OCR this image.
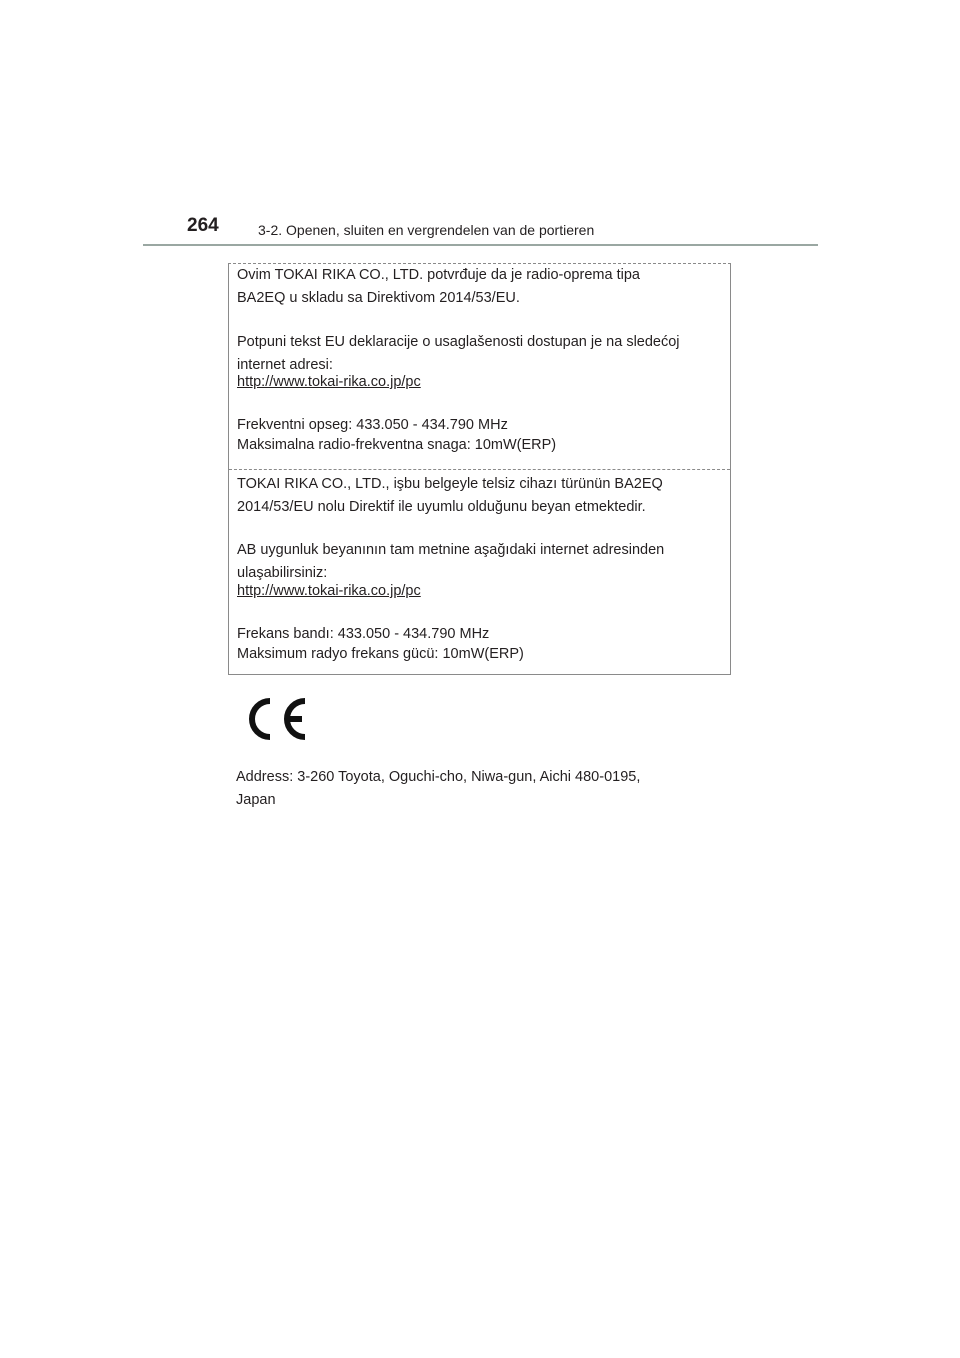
264	3-2. Openen, sluiten en vergrendelen van de portieren
Ovim TOKAI RIKA CO., LTD. potvrđuje da je radio-oprema tipa
BA2EQ u skladu sa Direktivom 2014/53/EU.
Potpuni tekst EU deklaracije o usaglašenosti dostupan je na sledećoj
internet adresi:
http://www.tokai-rika.co.jp/pc
Frekventni opseg: 433.050 - 434.790 MHz
Maksimalna radio-frekventna snaga: 10mW(ERP)
TOKAI RIKA CO., LTD., işbu belgeyle telsiz cihazı türünün BA2EQ
2014/53/EU nolu Direktif ile uyumlu olduğunu beyan etmektedir.
AB uygunluk beyanının tam metnine aşağıdaki internet adresinden
ulaşabilirsiniz:
http://www.tokai-rika.co.jp/pc
Frekans bandı: 433.050 - 434.790 MHz
Maksimum radyo frekans gücü: 10mW(ERP)
Address: 3-260 Toyota, Oguchi-cho, Niwa-gun, Aichi 480-0195,
Japan
